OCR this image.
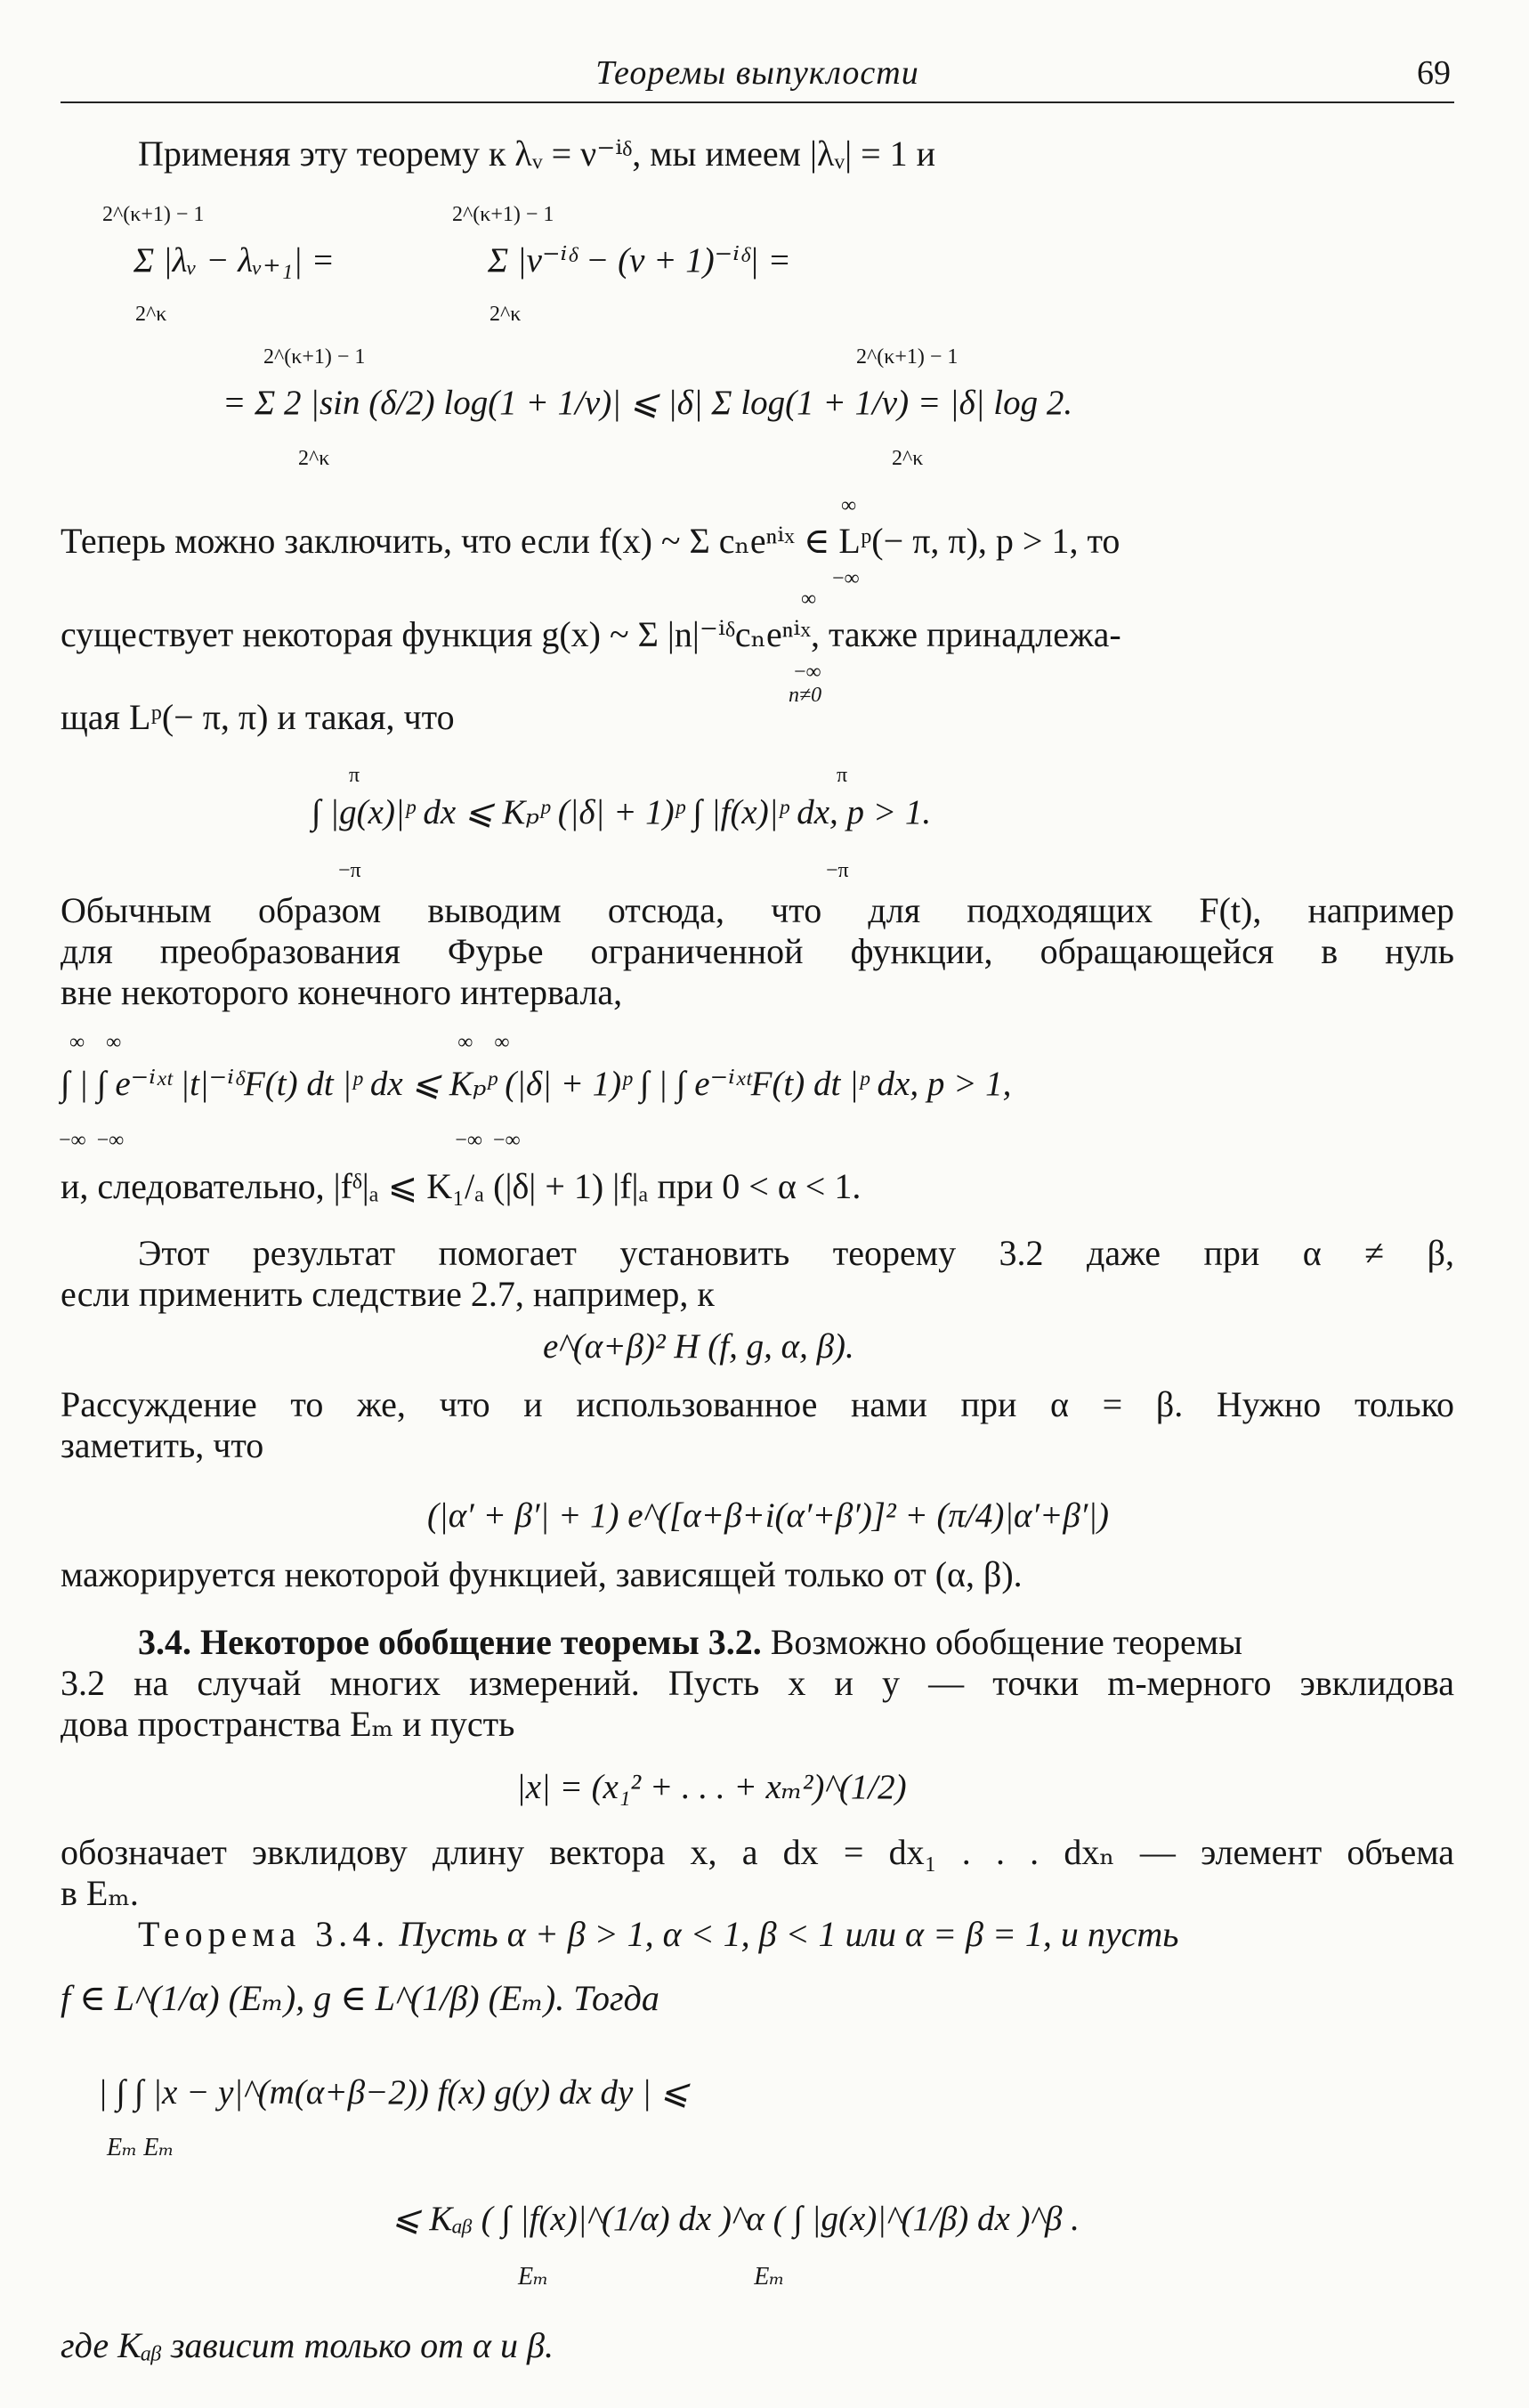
Теоремы выпуклости	69
Применяя эту теорему к λᵥ = ν⁻ⁱᵟ, мы имеем |λᵥ| = 1 и
2^(κ+1) − 1
Σ |λᵥ − λᵥ₊₁| =
2^(κ+1) − 1
Σ |ν⁻ⁱᵟ − (ν + 1)⁻ⁱᵟ| =
2^κ	2^κ
2^(κ+1) − 1
= Σ 2 |sin (δ/2) log(1 + 1/ν)| ⩽ |δ| Σ log(1 + 1/ν) = |δ| log 2.
2^(κ+1) − 1
2^κ	2^κ
∞
Теперь можно заключить, что если f(x) ~ Σ cₙeⁿⁱˣ ∈ Lᵖ(− π, π), p > 1, то
−∞
∞
существует некоторая функция g(x) ~ Σ |n|⁻ⁱᵟcₙeⁿⁱˣ, также принадлежа-
−∞
n≠0
щая Lᵖ(− π, π) и такая, что
π
∫ |g(x)|ᵖ dx ⩽ Kₚᵖ (|δ| + 1)ᵖ ∫ |f(x)|ᵖ dx, p > 1.
−π
π
−π
Обычным образом выводим отсюда, что для подходящих F(t), например
для преобразования Фурье ограниченной функции, обращающейся в нуль
вне некоторого конечного интервала,
∞    ∞                                                               ∞    ∞
∫ | ∫ e⁻ⁱˣᵗ |t|⁻ⁱᵟF(t) dt |ᵖ dx ⩽ Kₚᵖ (|δ| + 1)ᵖ ∫ | ∫ e⁻ⁱˣᵗF(t) dt |ᵖ dx, p > 1,
−∞  −∞                                                              −∞  −∞
и, следовательно, |fᵟ|ₐ ⩽ K₁/ₐ (|δ| + 1) |f|ₐ при 0 < α < 1.
Этот результат помогает установить теорему 3.2 даже при α ≠ β,
если применить следствие 2.7, например, к
e^(α+β)² H (f, g, α, β).
Рассуждение то же, что и использованное нами при α = β. Нужно только
заметить, что
(|α′ + β′| + 1) e^([α+β+i(α′+β′)]² + (π/4)|α′+β′|)
мажорируется некоторой функцией, зависящей только от (α, β).
3.4. Некоторое обобщение теоремы 3.2. Возможно обобщение теоремы
3.2 на случай многих измерений. Пусть x и y — точки m-мерного эвклидова
дова пространства Eₘ и пусть
|x| = (x₁² + . . . + xₘ²)^(1/2)
обозначает эвклидову длину вектора x, а dx = dx₁ . . . dxₙ — элемент объема
в Eₘ.
Теорема 3.4. Пусть α + β > 1, α < 1, β < 1 или α = β = 1, и пусть
f ∈ L^(1/α) (Eₘ), g ∈ L^(1/β) (Eₘ). Тогда
| ∫ ∫ |x − y|^(m(α+β−2)) f(x) g(y) dx dy | ⩽
Eₘ Eₘ
⩽ Kₐᵦ ( ∫ |f(x)|^(1/α) dx )^α ( ∫ |g(x)|^(1/β) dx )^β .
Eₘ                                 Eₘ
где Kₐᵦ зависит только от α и β.
